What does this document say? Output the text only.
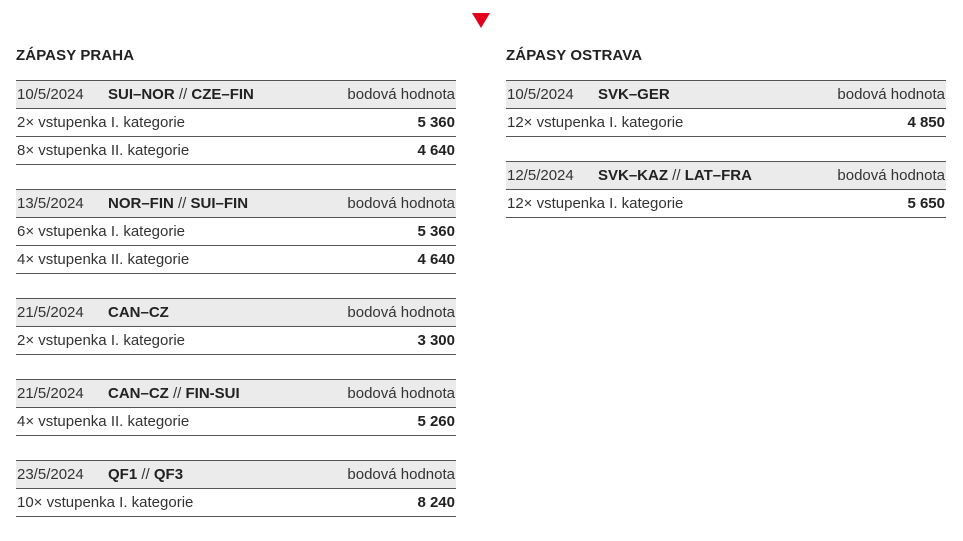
ZÁPASY PRAHA
10/5/2024	SUI–NOR // CZE–FIN	bodová hodnota
2× vstupenka I. kategorie	5 360
8× vstupenka II. kategorie	4 640
13/5/2024	NOR–FIN // SUI–FIN	bodová hodnota
6× vstupenka I. kategorie	5 360
4× vstupenka II. kategorie	4 640
21/5/2024	CAN–CZ	bodová hodnota
2× vstupenka I. kategorie	3 300
21/5/2024	CAN–CZ // FIN-SUI	bodová hodnota
4× vstupenka II. kategorie	5 260
23/5/2024	QF1 // QF3	bodová hodnota
10× vstupenka I. kategorie	8 240
ZÁPASY OSTRAVA
10/5/2024	SVK–GER	bodová hodnota
12× vstupenka I. kategorie	4 850
12/5/2024	SVK–KAZ // LAT–FRA	bodová hodnota
12× vstupenka I. kategorie	5 650
